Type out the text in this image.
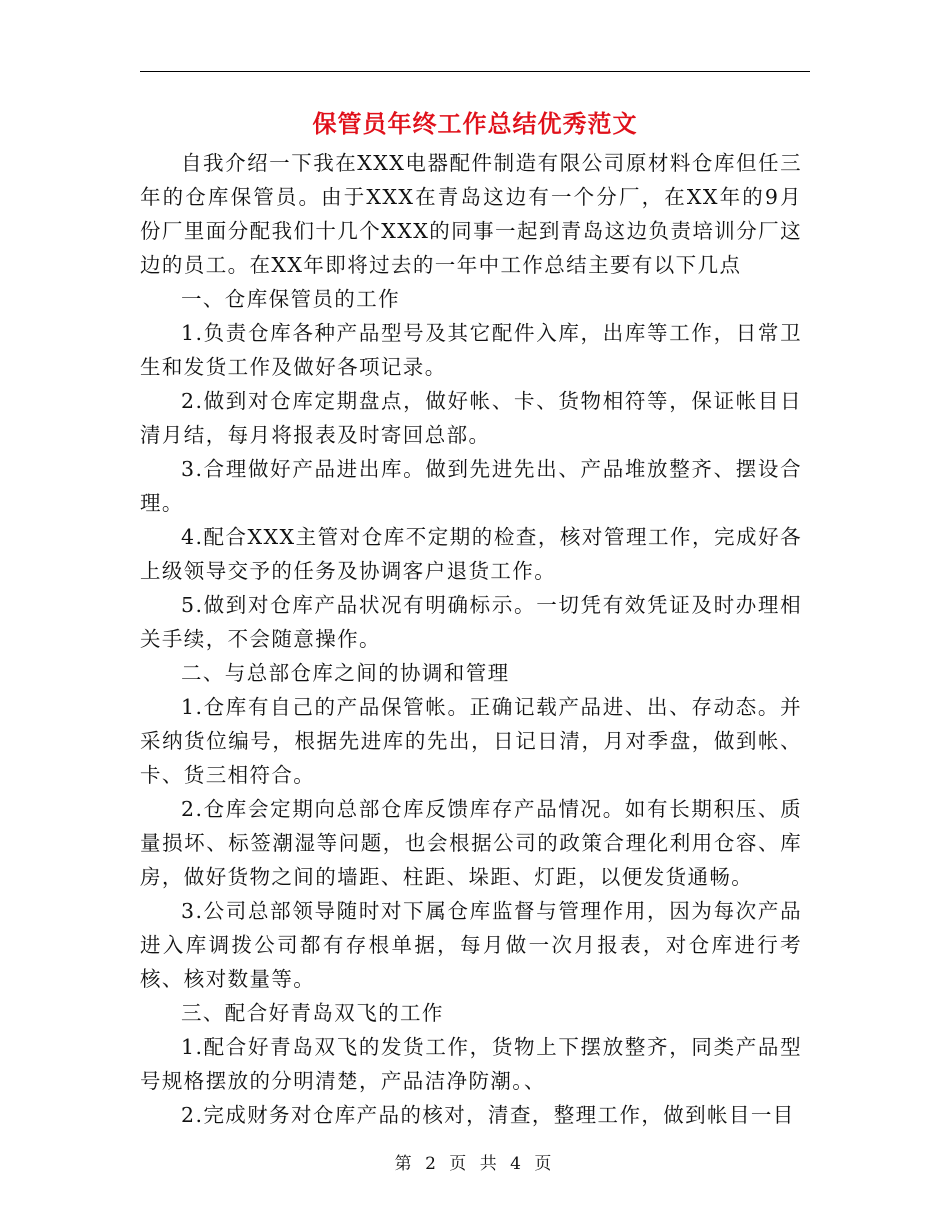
保管员年终工作总结优秀范文

自我介绍一下我在XXX电器配件制造有限公司原材料仓库但任三年的仓库保管员。由于XXX在青岛这边有一个分厂，在XX年的9月份厂里面分配我们十几个XXX的同事一起到青岛这边负责培训分厂这边的员工。在XX年即将过去的一年中工作总结主要有以下几点

一、仓库保管员的工作

1.负责仓库各种产品型号及其它配件入库，出库等工作，日常卫生和发货工作及做好各项记录。

2.做到对仓库定期盘点，做好帐、卡、货物相符等，保证帐目日清月结，每月将报表及时寄回总部。

3.合理做好产品进出库。做到先进先出、产品堆放整齐、摆设合理。

4.配合XXX主管对仓库不定期的检查，核对管理工作，完成好各上级领导交予的任务及协调客户退货工作。

5.做到对仓库产品状况有明确标示。一切凭有效凭证及时办理相关手续，不会随意操作。

二、与总部仓库之间的协调和管理

1.仓库有自己的产品保管帐。正确记载产品进、出、存动态。并采纳货位编号，根据先进库的先出，日记日清，月对季盘，做到帐、卡、货三相符合。

2.仓库会定期向总部仓库反馈库存产品情况。如有长期积压、质量损坏、标签潮湿等问题，也会根据公司的政策合理化利用仓容、库房，做好货物之间的墙距、柱距、垛距、灯距，以便发货通畅。

3.公司总部领导随时对下属仓库监督与管理作用，因为每次产品进入库调拨公司都有存根单据，每月做一次月报表，对仓库进行考核、核对数量等。

三、配合好青岛双飞的工作

1.配合好青岛双飞的发货工作，货物上下摆放整齐，同类产品型号规格摆放的分明清楚，产品洁净防潮。、

2.完成财务对仓库产品的核对，清查，整理工作，做到帐目一目

第 2 页 共 4 页
